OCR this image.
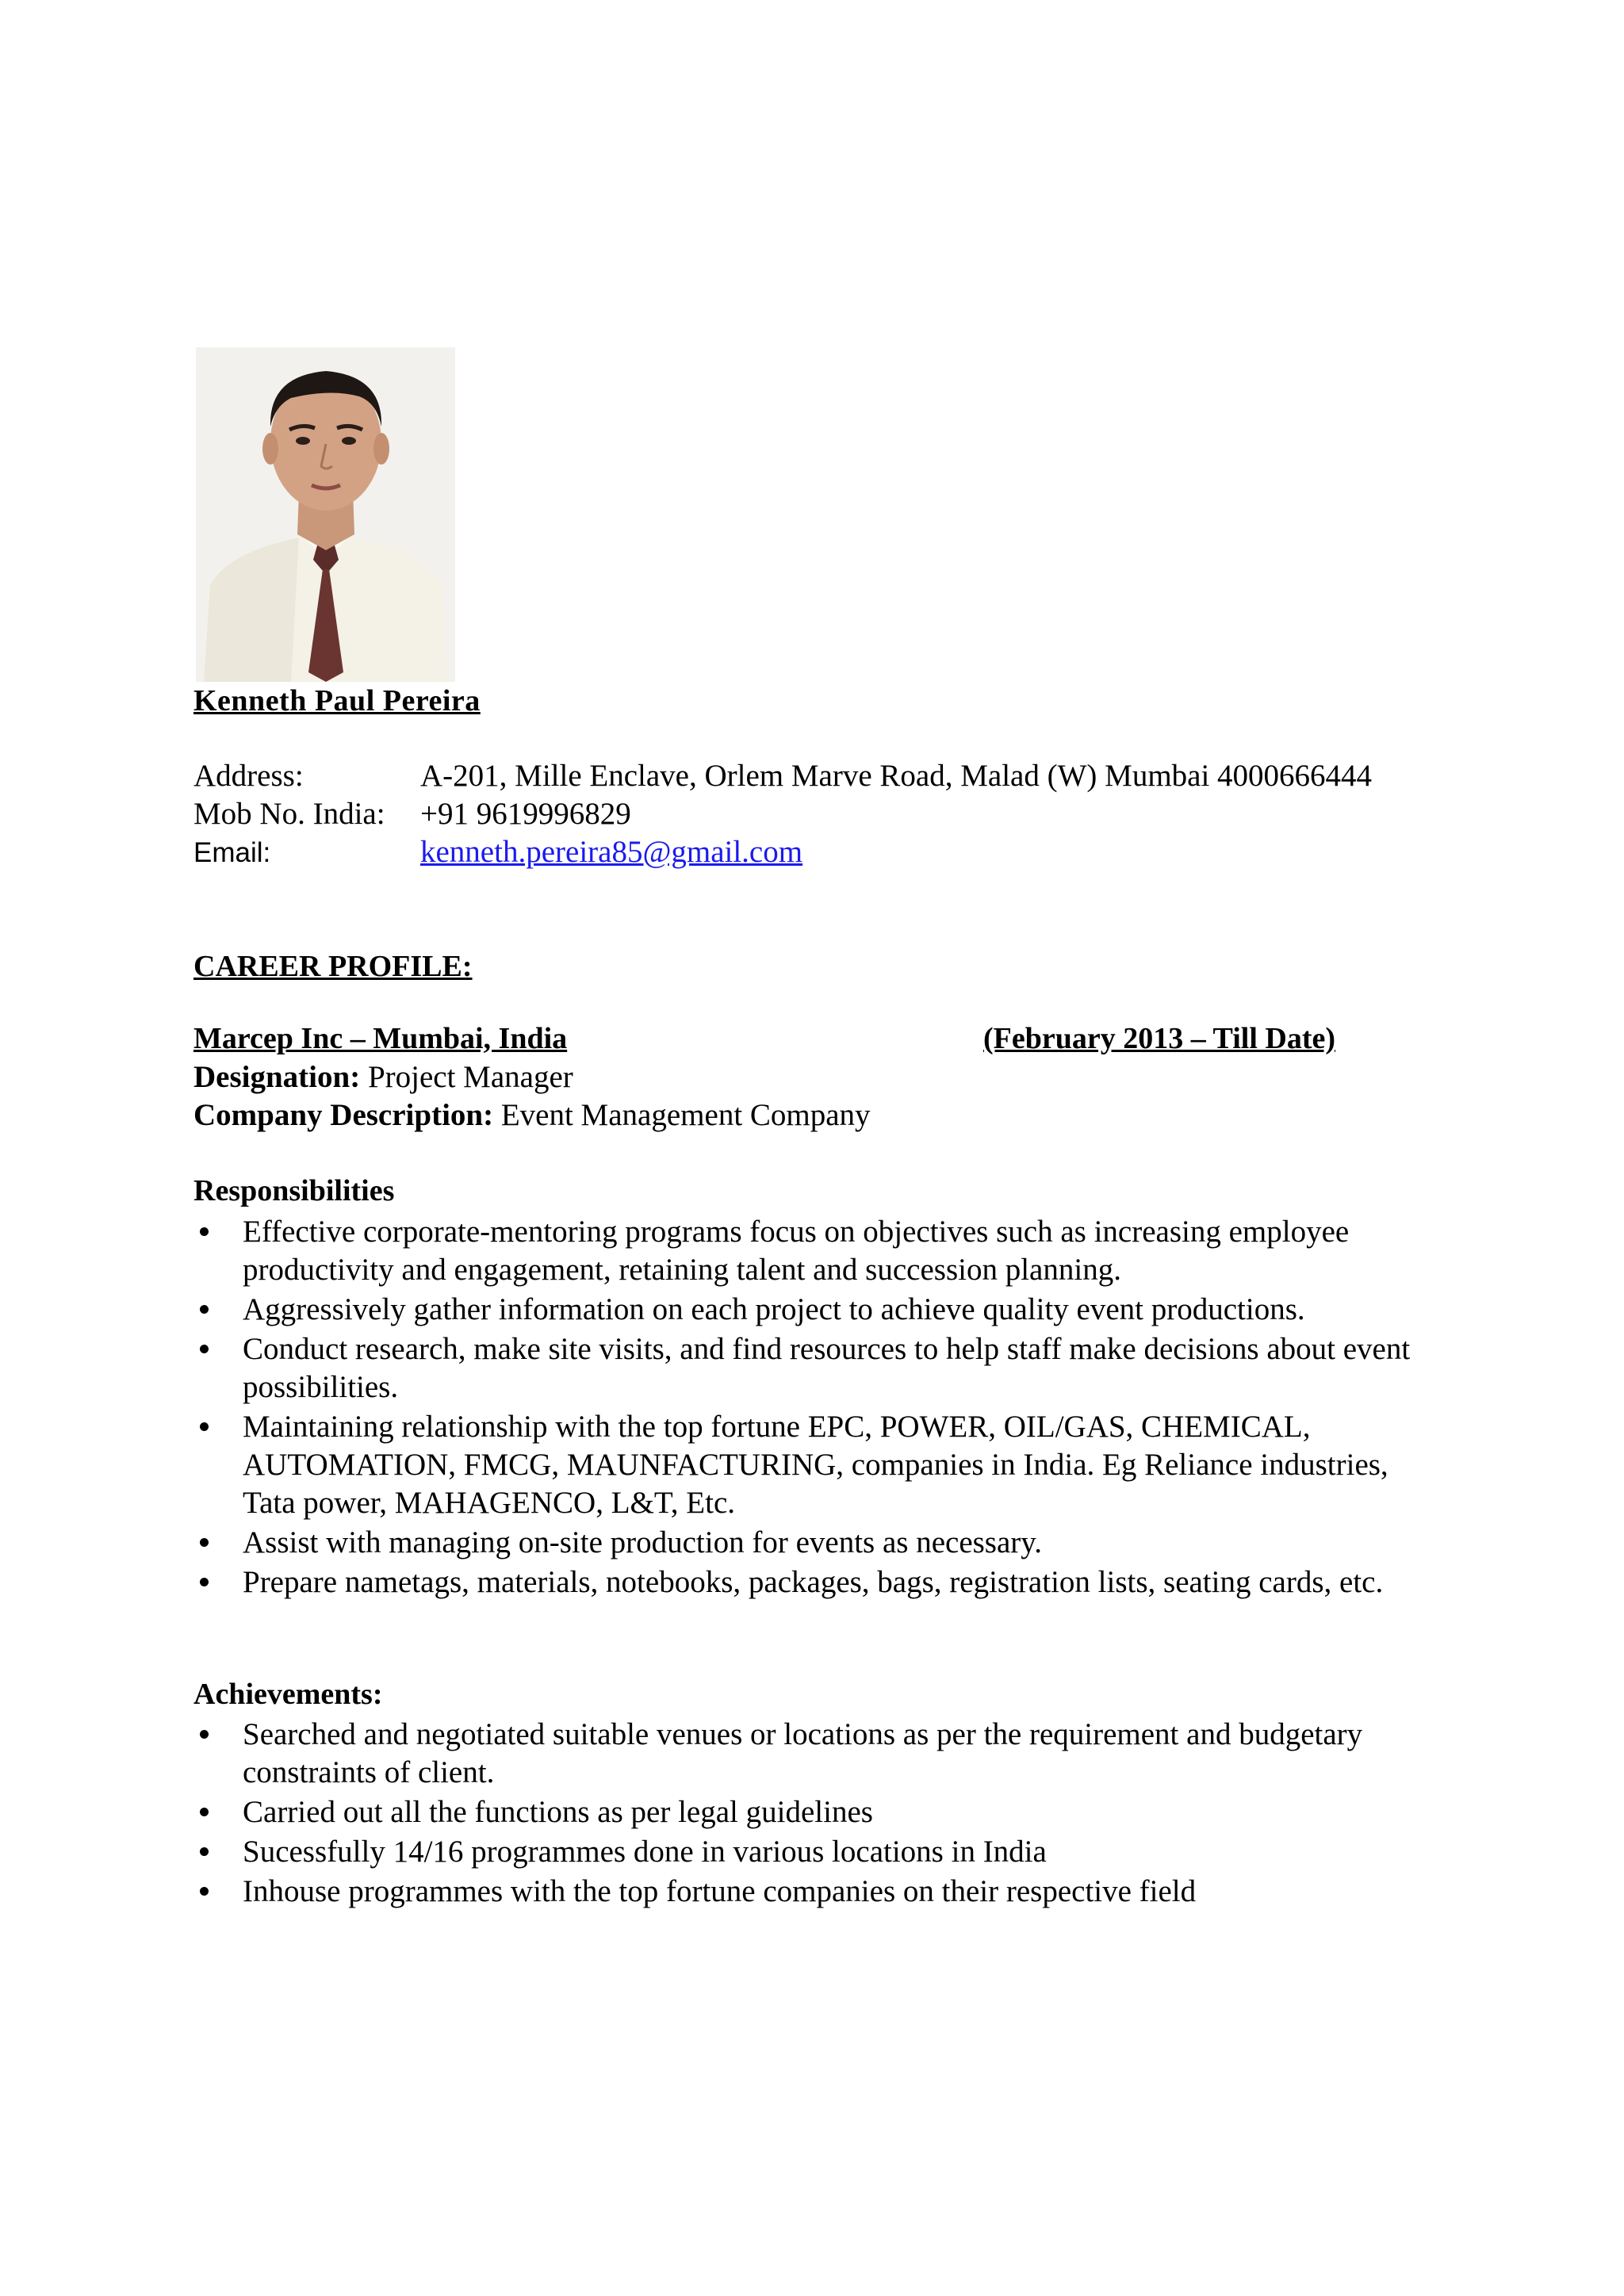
Kenneth Paul Pereira
Address:	A-201, Mille Enclave, Orlem Marve Road, Malad (W) Mumbai 4000666444
Mob No. India: +91 9619996829
Email:	kenneth.pereira85@gmail.com
CAREER PROFILE:
Marcep Inc – Mumbai, India	(February 2013 – Till Date)
Designation: Project Manager
Company Description: Event Management Company
Responsibilities
Effective corporate-mentoring programs focus on objectives such as increasing employee productivity and engagement, retaining talent and succession planning.
Aggressively gather information on each project to achieve quality event productions.
Conduct research, make site visits, and find resources to help staff make decisions about event possibilities.
Maintaining relationship with the top fortune EPC, POWER, OIL/GAS, CHEMICAL, AUTOMATION, FMCG, MAUNFACTURING, companies in India. Eg Reliance industries, Tata power, MAHAGENCO, L&T, Etc.
Assist with managing on-site production for events as necessary.
Prepare nametags, materials, notebooks, packages, bags, registration lists, seating cards, etc.
Achievements:
Searched and negotiated suitable venues or locations as per the requirement and budgetary constraints of client.
Carried out all the functions as per legal guidelines
Sucessfully 14/16 programmes done in various locations in India
Inhouse programmes with the top fortune companies on their respective field
